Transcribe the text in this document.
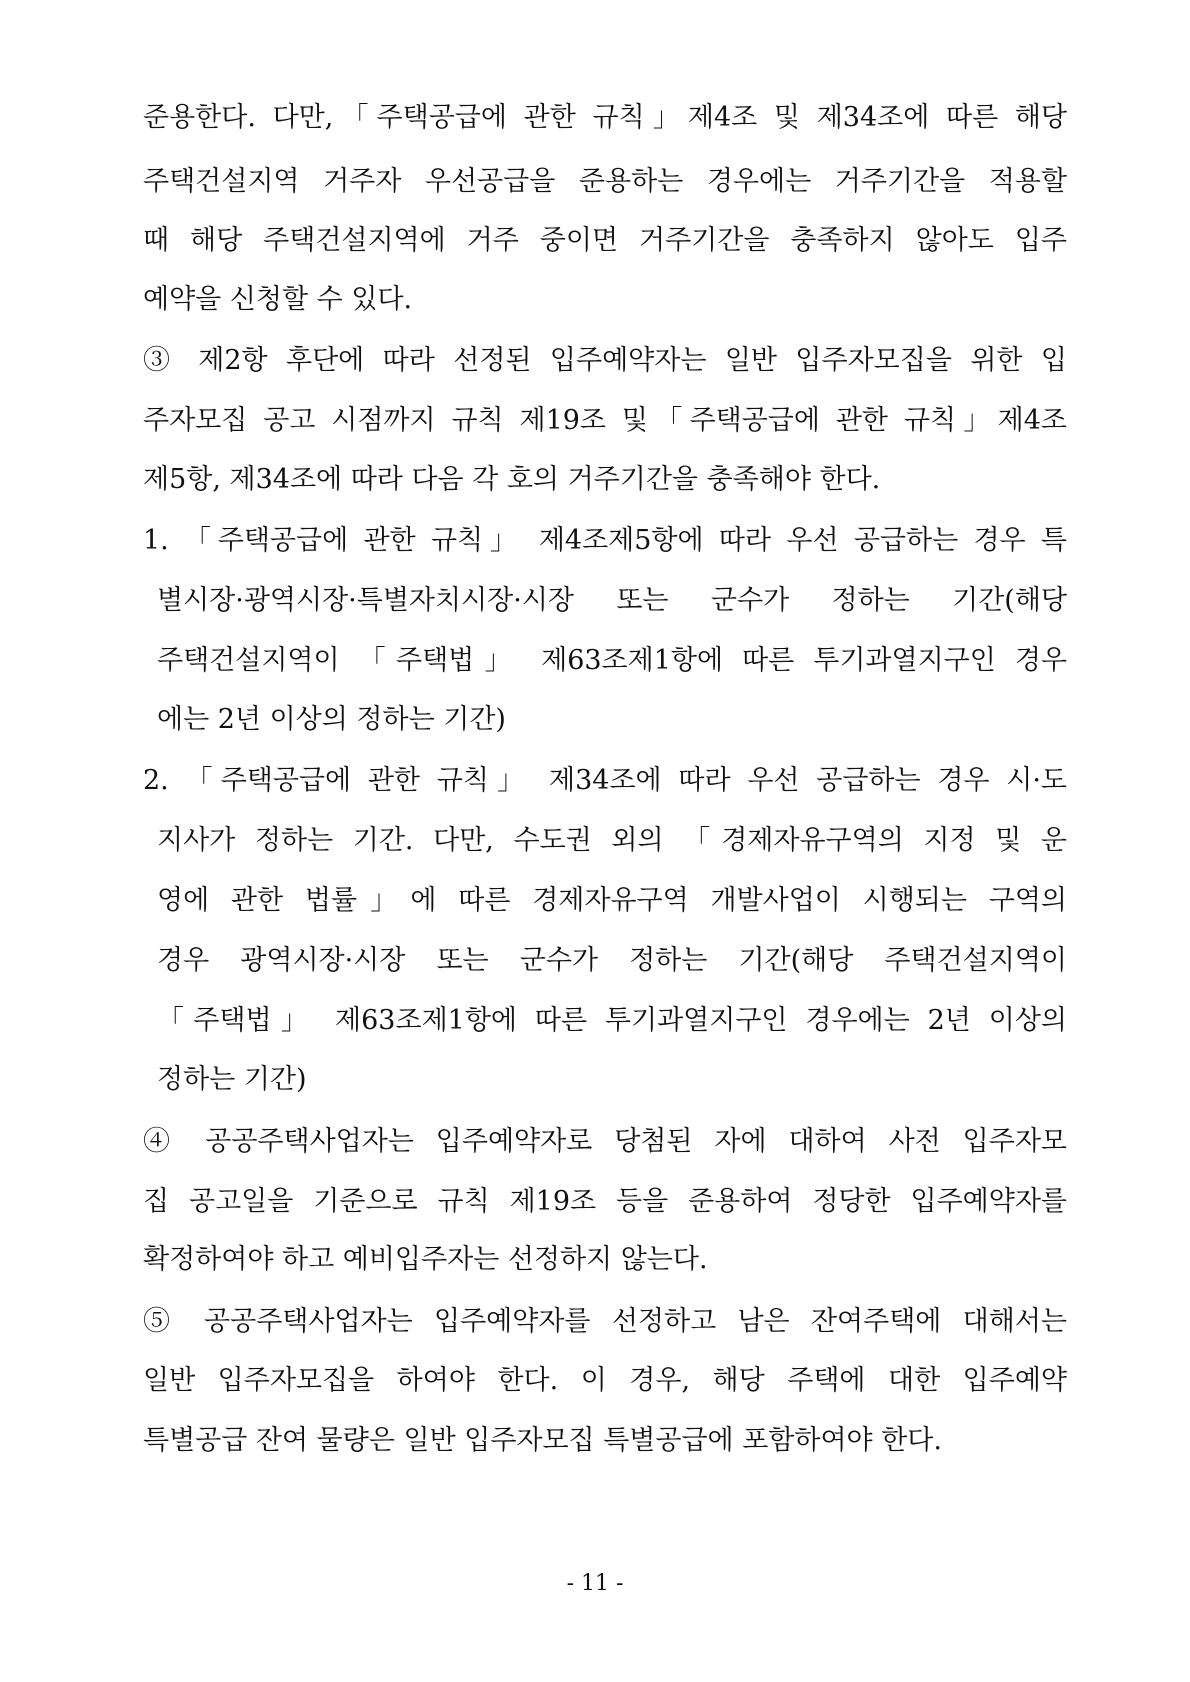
준용한다. 다만,「주택공급에 관한 규칙」제4조 및 제34조에 따른 해당
주택건설지역 거주자 우선공급을 준용하는 경우에는 거주기간을 적용할
때 해당 주택건설지역에 거주 중이면 거주기간을 충족하지 않아도 입주
예약을 신청할 수 있다.
③ 제2항 후단에 따라 선정된 입주예약자는 일반 입주자모집을 위한 입
주자모집 공고 시점까지 규칙 제19조 및「주택공급에 관한 규칙」제4조
제5항, 제34조에 따라 다음 각 호의 거주기간을 충족해야 한다.
1. 「주택공급에 관한 규칙」 제4조제5항에 따라 우선 공급하는 경우 특
별시장·광역시장·특별자치시장·시장 또는 군수가 정하는 기간(해당
주택건설지역이 「주택법」 제63조제1항에 따른 투기과열지구인 경우
에는 2년 이상의 정하는 기간)
2. 「주택공급에 관한 규칙」 제34조에 따라 우선 공급하는 경우 시·도
지사가 정하는 기간. 다만, 수도권 외의 「경제자유구역의 지정 및 운
영에 관한 법률」에 따른 경제자유구역 개발사업이 시행되는 구역의
경우 광역시장·시장 또는 군수가 정하는 기간(해당 주택건설지역이
「주택법」 제63조제1항에 따른 투기과열지구인 경우에는 2년 이상의
정하는 기간)
④ 공공주택사업자는 입주예약자로 당첨된 자에 대하여 사전 입주자모
집 공고일을 기준으로 규칙 제19조 등을 준용하여 정당한 입주예약자를
확정하여야 하고 예비입주자는 선정하지 않는다.
⑤ 공공주택사업자는 입주예약자를 선정하고 남은 잔여주택에 대해서는
일반 입주자모집을 하여야 한다. 이 경우, 해당 주택에 대한 입주예약
특별공급 잔여 물량은 일반 입주자모집 특별공급에 포함하여야 한다.
- 11 -
